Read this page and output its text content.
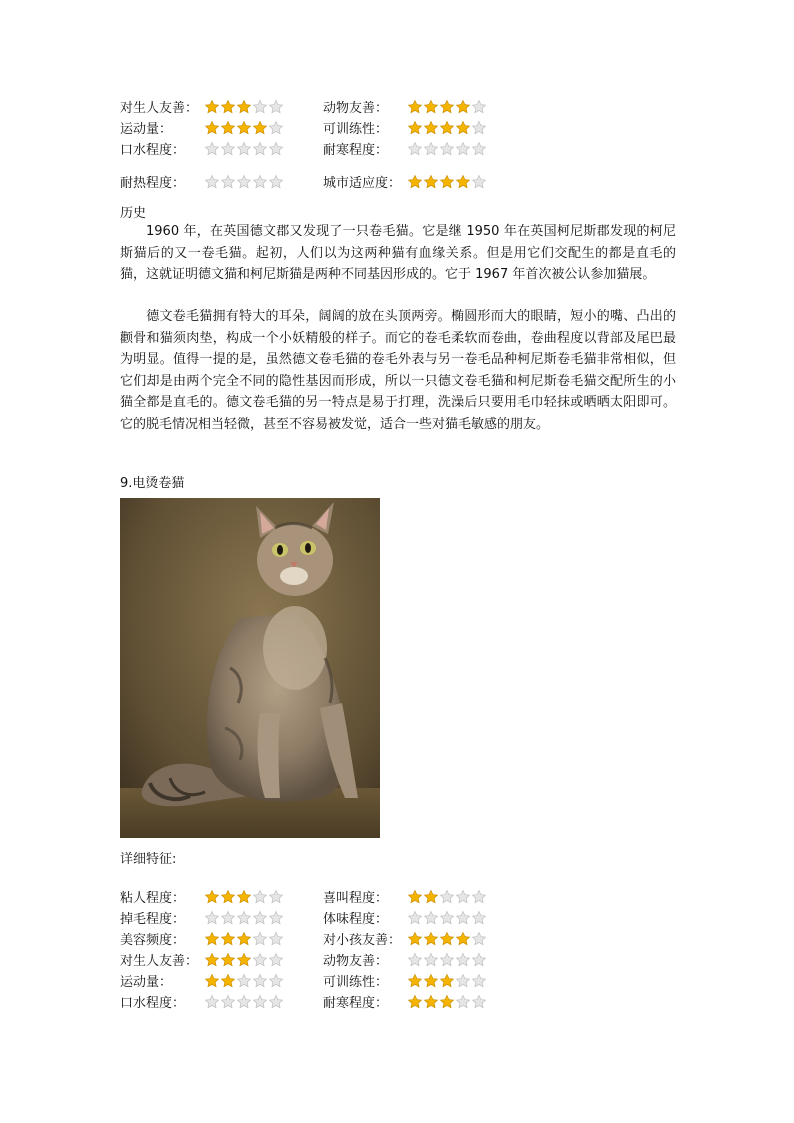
对生人友善：	动物友善：
运动量：	可训练性：
口水程度：	耐寒程度：
耐热程度：	城市适应度：
历史
1960 年，在英国德文郡又发现了一只卷毛猫。它是继 1950 年在英国柯尼斯郡发现的柯尼斯猫后的又一卷毛猫。起初，人们以为这两种猫有血缘关系。但是用它们交配生的都是直毛的猫，这就证明德文猫和柯尼斯猫是两种不同基因形成的。它于 1967 年首次被公认参加猫展。
德文卷毛猫拥有特大的耳朵，阔阔的放在头顶两旁。椭圆形而大的眼睛，短小的嘴、凸出的颧骨和猫须肉垫，构成一个小妖精般的样子。而它的卷毛柔软而卷曲，卷曲程度以背部及尾巴最为明显。值得一提的是，虽然德文卷毛猫的卷毛外表与另一卷毛品种柯尼斯卷毛猫非常相似，但它们却是由两个完全不同的隐性基因而形成，所以一只德文卷毛猫和柯尼斯卷毛猫交配所生的小猫全都是直毛的。德文卷毛猫的另一特点是易于打理，洗澡后只要用毛巾轻抹或晒晒太阳即可。它的脱毛情况相当轻微，甚至不容易被发觉，适合一些对猫毛敏感的朋友。
9.电烫卷猫
详细特征:
粘人程度：	喜叫程度：
掉毛程度：	体味程度：
美容频度：	对小孩友善：
对生人友善：	动物友善：
运动量：	可训练性：
口水程度：	耐寒程度：
